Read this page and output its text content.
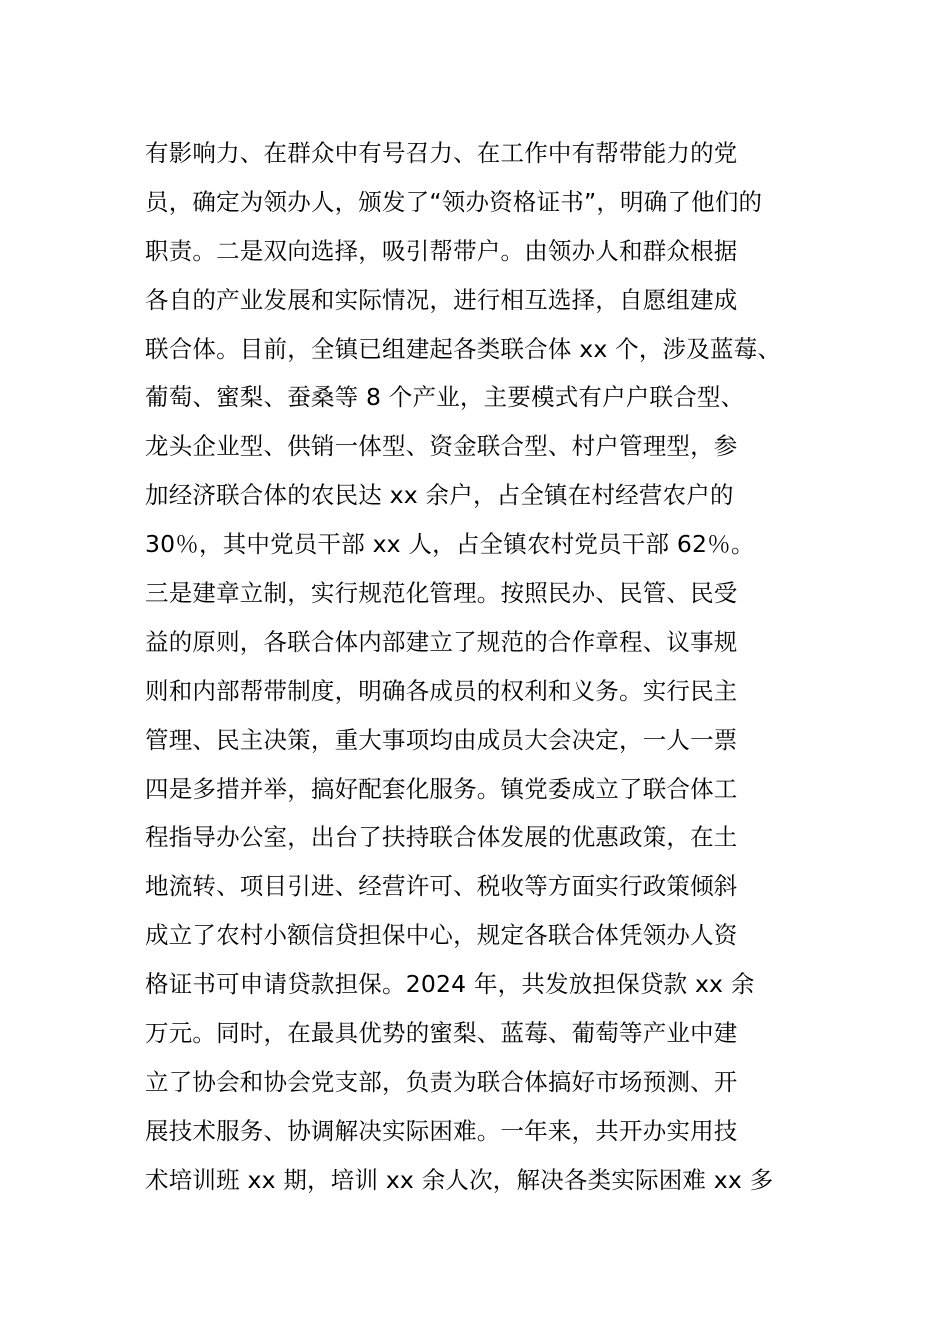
有影响力、在群众中有号召力、在工作中有帮带能力的党
员，确定为领办人，颁发了“领办资格证书”，明确了他们的
职责。二是双向选择，吸引帮带户。由领办人和群众根据
各自的产业发展和实际情况，进行相互选择，自愿组建成
联合体。目前，全镇已组建起各类联合体 xx 个，涉及蓝莓、
葡萄、蜜梨、蚕桑等 8 个产业，主要模式有户户联合型、
龙头企业型、供销一体型、资金联合型、村户管理型，参
加经济联合体的农民达 xx 余户，占全镇在村经营农户的
30％，其中党员干部 xx 人，占全镇农村党员干部 62％。
三是建章立制，实行规范化管理。按照民办、民管、民受
益的原则，各联合体内部建立了规范的合作章程、议事规
则和内部帮带制度，明确各成员的权利和义务。实行民主
管理、民主决策，重大事项均由成员大会决定，一人一票
四是多措并举，搞好配套化服务。镇党委成立了联合体工
程指导办公室，出台了扶持联合体发展的优惠政策，在土
地流转、项目引进、经营许可、税收等方面实行政策倾斜
成立了农村小额信贷担保中心，规定各联合体凭领办人资
格证书可申请贷款担保。2024 年，共发放担保贷款 xx 余
万元。同时，在最具优势的蜜梨、蓝莓、葡萄等产业中建
立了协会和协会党支部，负责为联合体搞好市场预测、开
展技术服务、协调解决实际困难。一年来，共开办实用技
术培训班 xx 期，培训 xx 余人次，解决各类实际困难 xx 多
